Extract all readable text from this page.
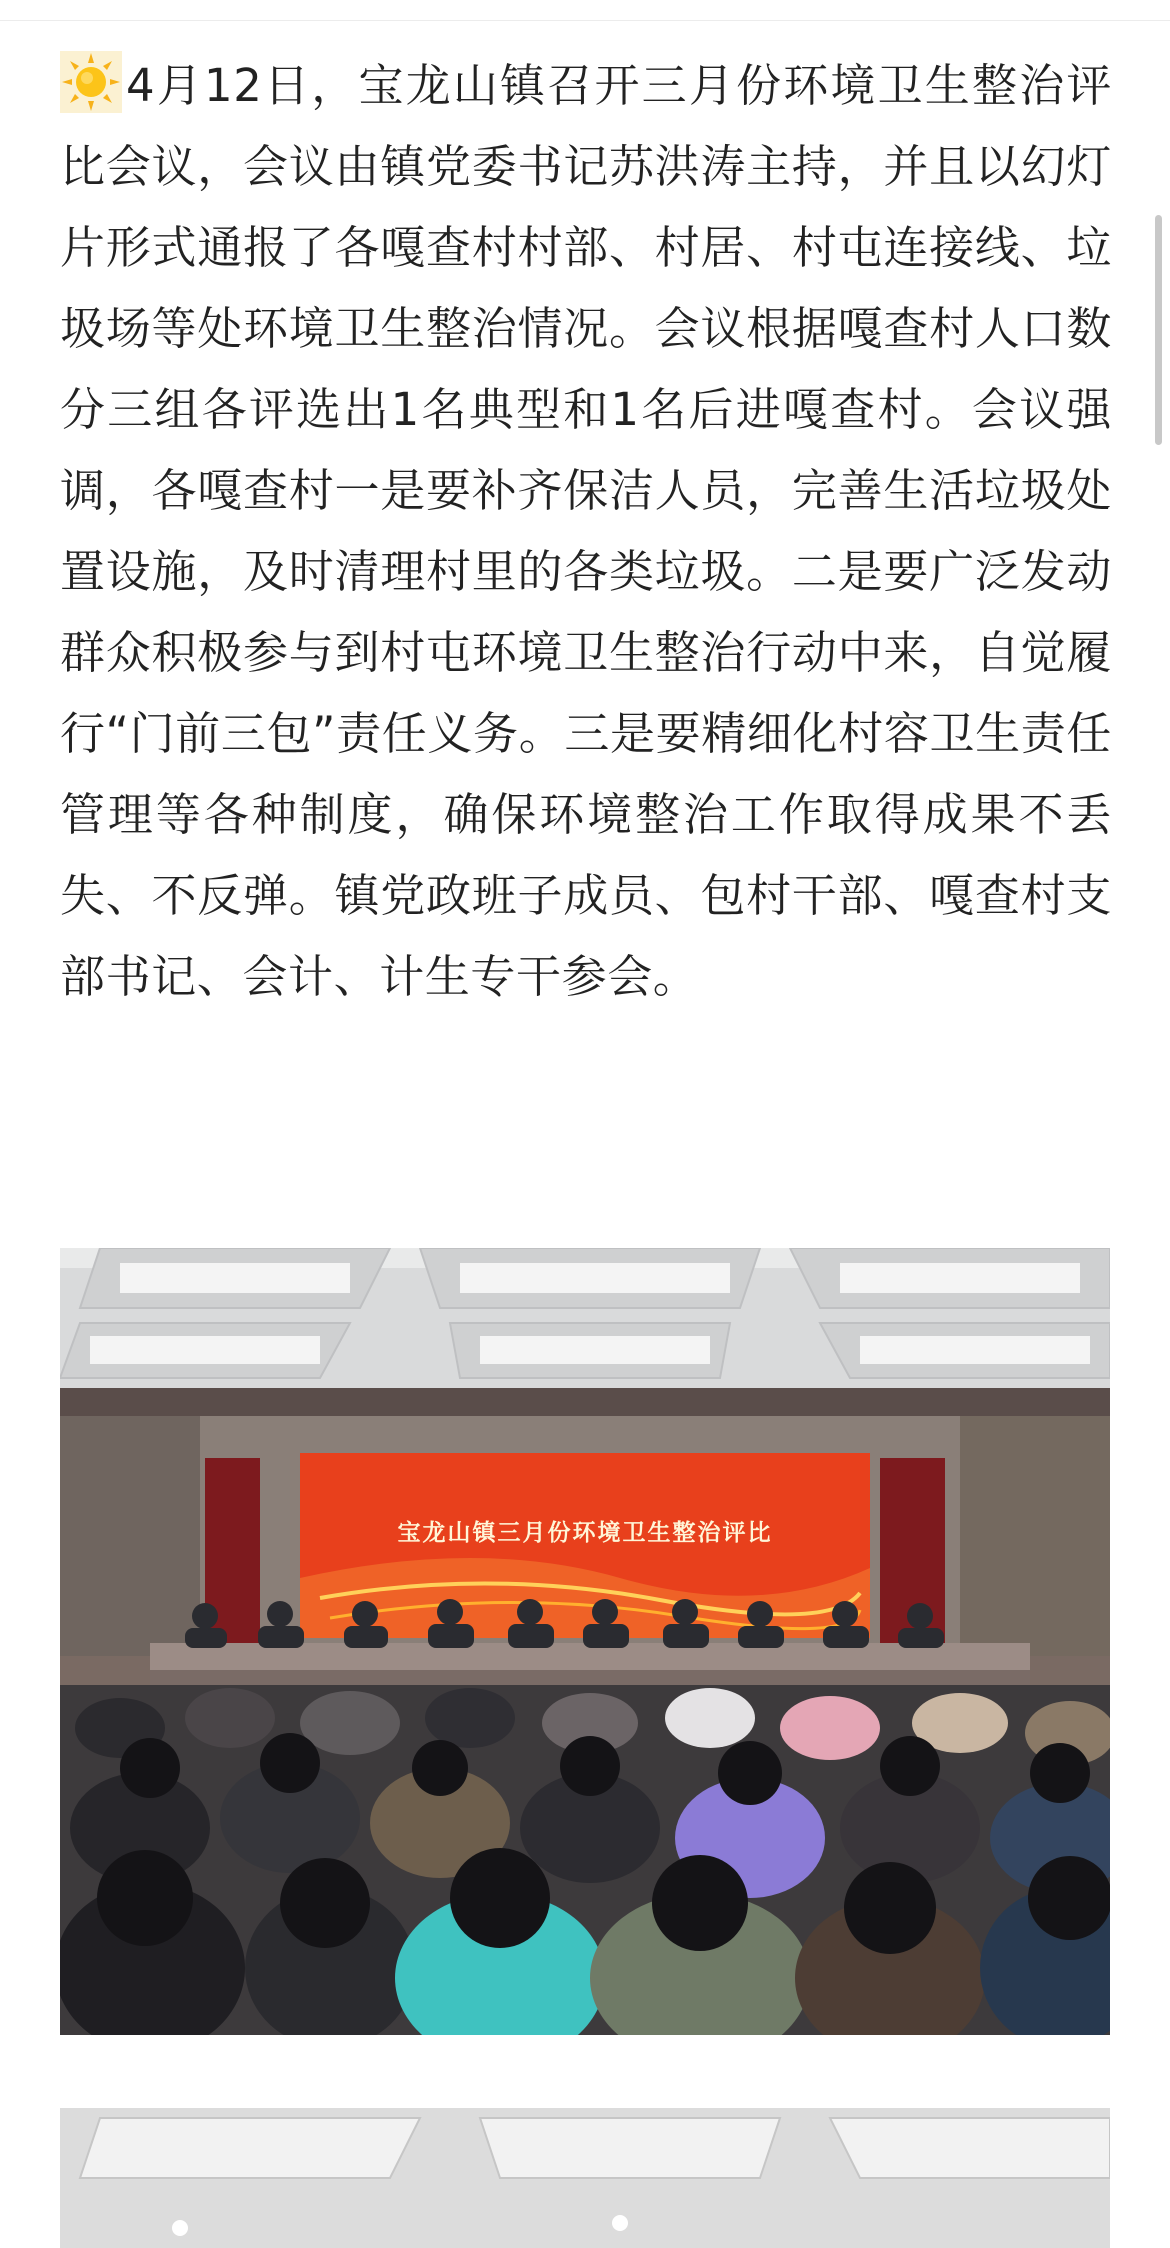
4月12日，宝龙山镇召开三月份环境卫生整治评比会议，会议由镇党委书记苏洪涛主持，并且以幻灯片形式通报了各嘎查村村部、村居、村屯连接线、垃圾场等处环境卫生整治情况。会议根据嘎查村人口数分三组各评选出1名典型和1名后进嘎查村。会议强调，各嘎查村一是要补齐保洁人员，完善生活垃圾处置设施，及时清理村里的各类垃圾。二是要广泛发动群众积极参与到村屯环境卫生整治行动中来，自觉履行“门前三包”责任义务。三是要精细化村容卫生责任管理等各种制度，确保环境整治工作取得成果不丢失、不反弹。镇党政班子成员、包村干部、嘎查村支部书记、会计、计生专干参会。

宝龙山镇三月份环境卫生整治评比
